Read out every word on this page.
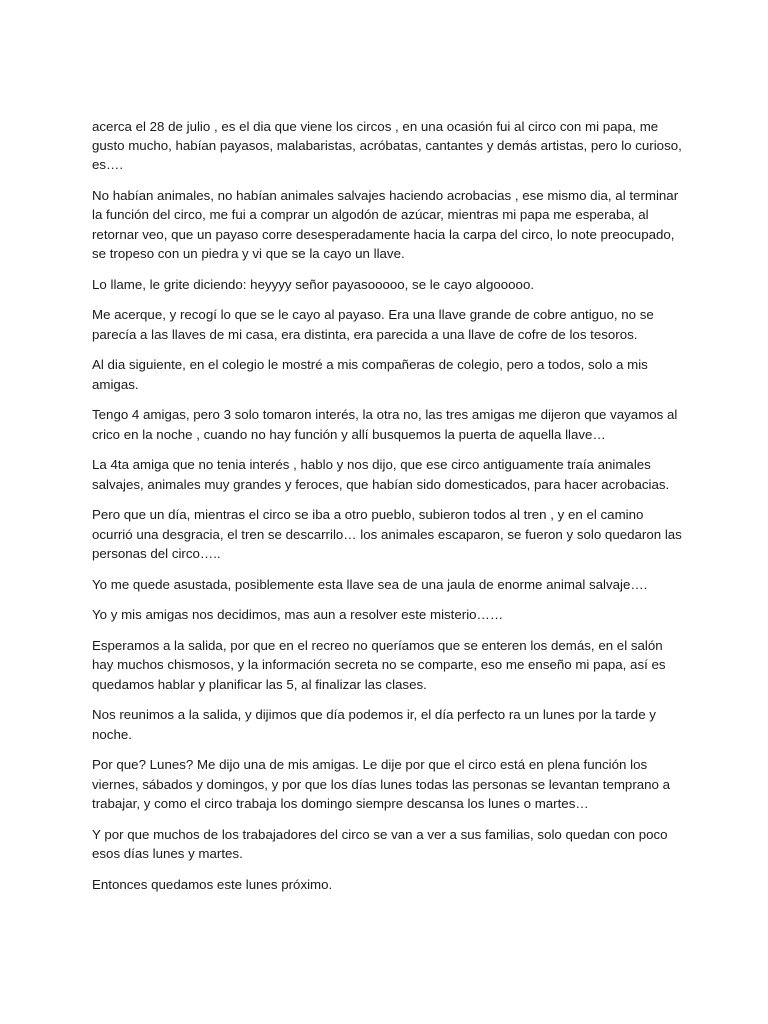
acerca el 28 de julio , es el dia que viene los circos , en una ocasión fui al circo con mi papa, me gusto mucho, habían payasos, malabaristas, acróbatas, cantantes y demás artistas, pero lo curioso, es….

No habían animales, no habían animales salvajes haciendo acrobacias , ese mismo dia, al terminar la función del circo, me fui a comprar un algodón de azúcar, mientras mi papa me esperaba, al retornar veo, que un payaso corre desesperadamente hacia la carpa del circo, lo note preocupado, se tropeso con un piedra y vi que se la cayo un llave.

Lo llame, le grite diciendo: heyyyy señor payasooooo, se le cayo algooooo.

Me acerque, y recogí lo que se le cayo al payaso. Era una llave grande de cobre antiguo, no se parecía a las llaves de mi casa, era distinta, era parecida a una llave de cofre de los tesoros.

Al dia siguiente, en el colegio le mostré a mis compañeras de colegio, pero a todos, solo a mis amigas.

Tengo 4 amigas, pero 3 solo tomaron interés, la otra no, las tres amigas me dijeron que vayamos al crico en la noche , cuando no hay función y allí busquemos la puerta de aquella llave…

La 4ta amiga que no tenia interés , hablo y nos dijo, que ese circo antiguamente traía animales salvajes, animales muy grandes y feroces, que habían sido domesticados, para hacer acrobacias.

Pero que un día, mientras el circo se iba a otro pueblo, subieron todos al tren , y en el camino ocurrió una desgracia, el tren se descarrilo… los animales escaparon, se fueron y solo quedaron las personas del circo…..

Yo me quede asustada, posiblemente esta llave sea de una jaula de enorme animal salvaje….

Yo y mis amigas nos decidimos, mas aun a resolver este misterio……

Esperamos a la salida, por que en el recreo no queríamos que se enteren los demás, en el salón hay muchos chismosos, y la información secreta no se comparte, eso me enseño mi papa, así es quedamos hablar y planificar las 5, al finalizar las clases.

Nos reunimos a la salida, y dijimos que día podemos ir, el día perfecto ra un lunes por la tarde y noche.

Por que? Lunes? Me dijo una de mis amigas. Le dije por que el circo está en plena función los viernes, sábados y domingos, y por que los días lunes todas las personas se levantan temprano a trabajar, y como el circo trabaja los domingo siempre descansa los lunes o martes…

Y por que muchos de los trabajadores del circo se van a ver a sus familias, solo quedan con poco esos días lunes y martes.

Entonces quedamos este lunes próximo.
